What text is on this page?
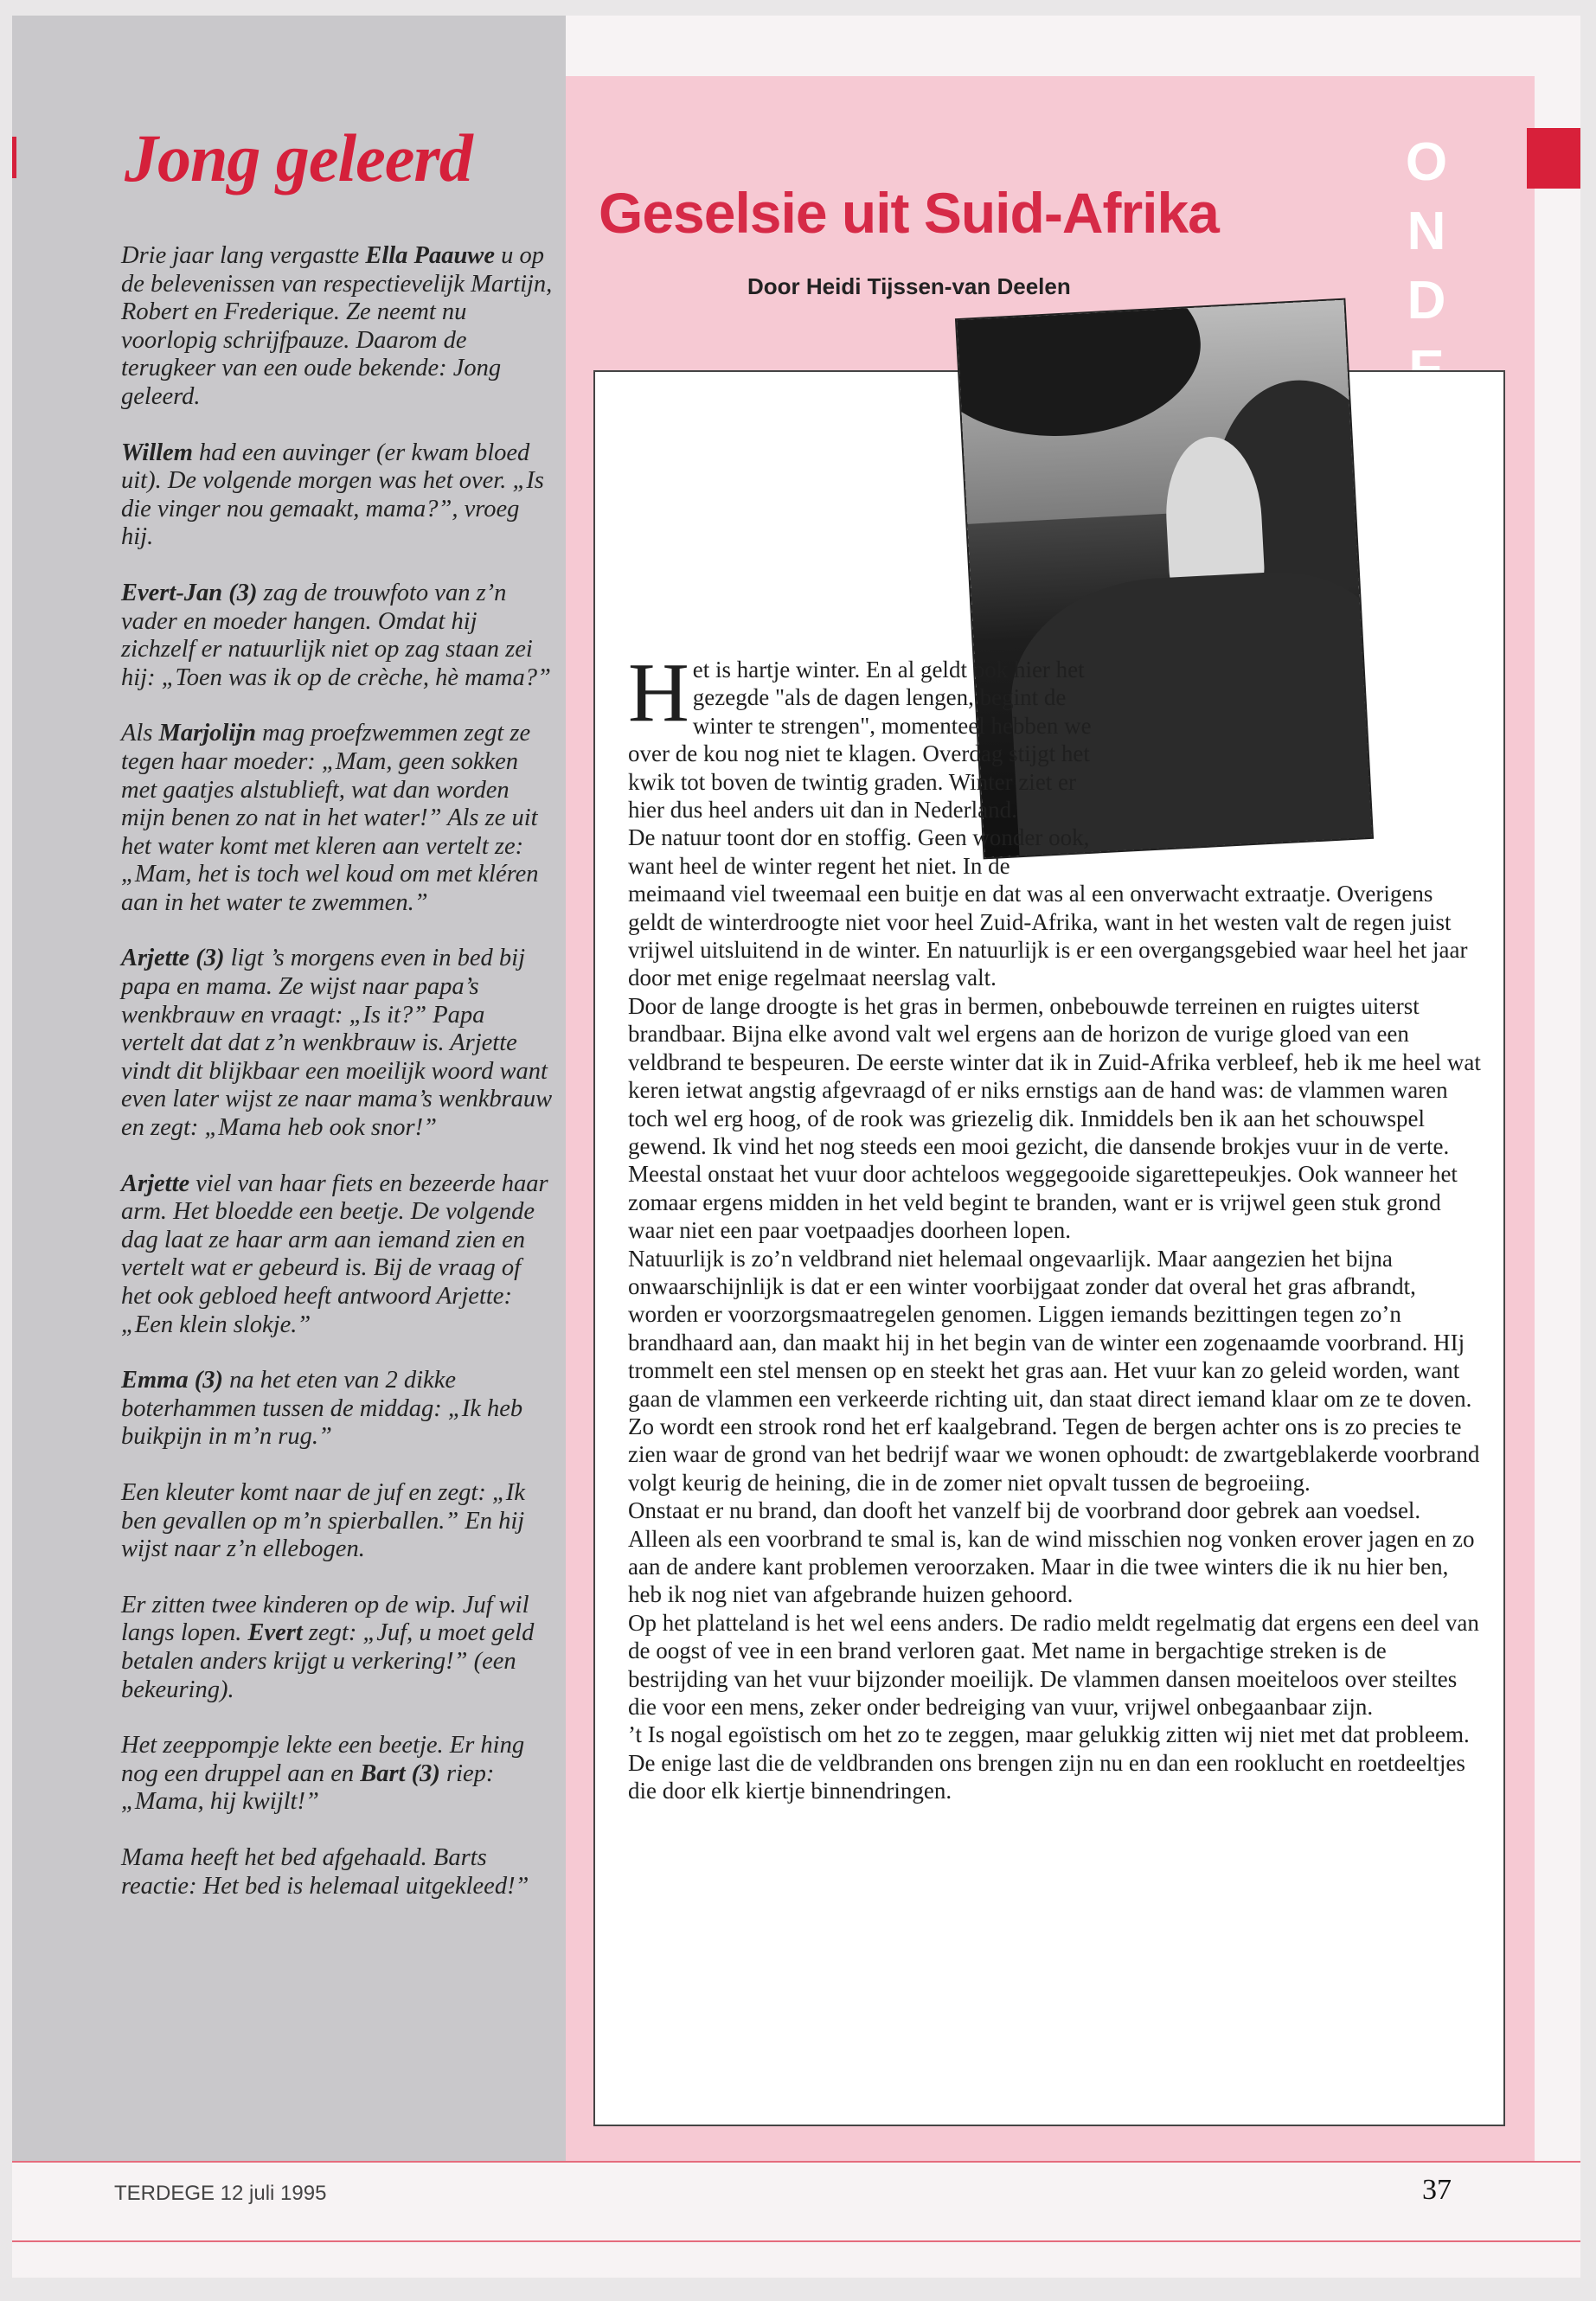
O
N
D
Jong geleerd

Drie jaar lang vergastte Ella Paauwe u op de belevenissen van respectievelijk Martijn, Robert en Frederique. Ze neemt nu voorlopig schrijfpauze. Daarom de terugkeer van een oude bekende: Jong geleerd.

Willem had een auvinger (er kwam bloed uit). De volgende morgen was het over. „Is die vinger nou gemaakt, mama?”, vroeg hij.

Evert-Jan (3) zag de trouwfoto van z’n vader en moeder hangen. Omdat hij zichzelf er natuurlijk niet op zag staan zei hij: „Toen was ik op de crèche, hè mama?”

Als Marjolijn mag proefzwemmen zegt ze tegen haar moeder: „Mam, geen sokken met gaatjes alstublieft, wat dan worden mijn benen zo nat in het water!” Als ze uit het water komt met kleren aan vertelt ze: „Mam, het is toch wel koud om met kléren aan in het water te zwemmen.”

Arjette (3) ligt ’s morgens even in bed bij papa en mama. Ze wijst naar papa’s wenkbrauw en vraagt: „Is it?” Papa vertelt dat dat z’n wenkbrauw is. Arjette vindt dit blijkbaar een moeilijk woord want even later wijst ze naar mama’s wenkbrauw en zegt: „Mama heb ook snor!”

Arjette viel van haar fiets en bezeerde haar arm. Het bloedde een beetje. De volgende dag laat ze haar arm aan iemand zien en vertelt wat er gebeurd is. Bij de vraag of het ook gebloed heeft antwoord Arjette: „Een klein slokje.”

Emma (3) na het eten van 2 dikke boterhammen tussen de middag: „Ik heb buikpijn in m’n rug.”

Een kleuter komt naar de juf en zegt: „Ik ben gevallen op m’n spierballen.” En hij wijst naar z’n ellebogen.

Er zitten twee kinderen op de wip. Juf wil langs lopen. Evert zegt: „Juf, u moet geld betalen anders krijgt u verkering!” (een bekeuring).

Het zeeppompje lekte een beetje. Er hing nog een druppel aan en Bart (3) riep: „Mama, hij kwijlt!”

Mama heeft het bed afgehaald. Barts reactie: Het bed is helemaal uitgekleed!”

Geselsie uit Suid-Afrika
Door Heidi Tijssen-van Deelen

Het is hartje winter. En al geldt ook hier het gezegde "als de dagen lengen, begint de winter te strengen", momenteel hebben we over de kou nog niet te klagen. Overdag stijgt het kwik tot boven de twintig graden. Winter ziet er hier dus heel anders uit dan in Nederland.

De natuur toont dor en stoffig. Geen wonder ook, want heel de winter regent het niet. In de meimaand viel tweemaal een buitje en dat was al een onverwacht extraatje. Overigens geldt de winterdroogte niet voor heel Zuid-Afrika, want in het westen valt de regen juist vrijwel uitsluitend in de winter. En natuurlijk is er een overgangsgebied waar heel het jaar door met enige regelmaat neerslag valt.

Door de lange droogte is het gras in bermen, onbebouwde terreinen en ruigtes uiterst brandbaar. Bijna elke avond valt wel ergens aan de horizon de vurige gloed van een veldbrand te bespeuren. De eerste winter dat ik in Zuid-Afrika verbleef, heb ik me heel wat keren ietwat angstig afgevraagd of er niks ernstigs aan de hand was: de vlammen waren toch wel erg hoog, of de rook was griezelig dik. Inmiddels ben ik aan het schouwspel gewend. Ik vind het nog steeds een mooi gezicht, die dansende brokjes vuur in de verte.

Meestal onstaat het vuur door achteloos weggegooide sigarettepeukjes. Ook wanneer het zomaar ergens midden in het veld begint te branden, want er is vrijwel geen stuk grond waar niet een paar voetpaadjes doorheen lopen.

Natuurlijk is zo’n veldbrand niet helemaal ongevaarlijk. Maar aangezien het bijna onwaarschijnlijk is dat er een winter voorbijgaat zonder dat overal het gras afbrandt, worden er voorzorgsmaatregelen genomen. Liggen iemands bezittingen tegen zo’n brandhaard aan, dan maakt hij in het begin van de winter een zogenaamde voorbrand. HIj trommelt een stel mensen op en steekt het gras aan. Het vuur kan zo geleid worden, want gaan de vlammen een verkeerde richting uit, dan staat direct iemand klaar om ze te doven. Zo wordt een strook rond het erf kaalgebrand. Tegen de bergen achter ons is zo precies te zien waar de grond van het bedrijf waar we wonen ophoudt: de zwartgeblakerde voorbrand volgt keurig de heining, die in de zomer niet opvalt tussen de begroeiing.

Onstaat er nu brand, dan dooft het vanzelf bij de voorbrand door gebrek aan voedsel. Alleen als een voorbrand te smal is, kan de wind misschien nog vonken erover jagen en zo aan de andere kant problemen veroorzaken. Maar in die twee winters die ik nu hier ben, heb ik nog niet van afgebrande huizen gehoord.

Op het platteland is het wel eens anders. De radio meldt regelmatig dat ergens een deel van de oogst of vee in een brand verloren gaat. Met name in bergachtige streken is de bestrijding van het vuur bijzonder moeilijk. De vlammen dansen moeiteloos over steiltes die voor een mens, zeker onder bedreiging van vuur, vrijwel onbegaanbaar zijn.

’t Is nogal egoïstisch om het zo te zeggen, maar gelukkig zitten wij niet met dat probleem. De enige last die de veldbranden ons brengen zijn nu en dan een rooklucht en roetdeeltjes die door elk kiertje binnendringen.

TERDEGE 12 juli 1995	37
